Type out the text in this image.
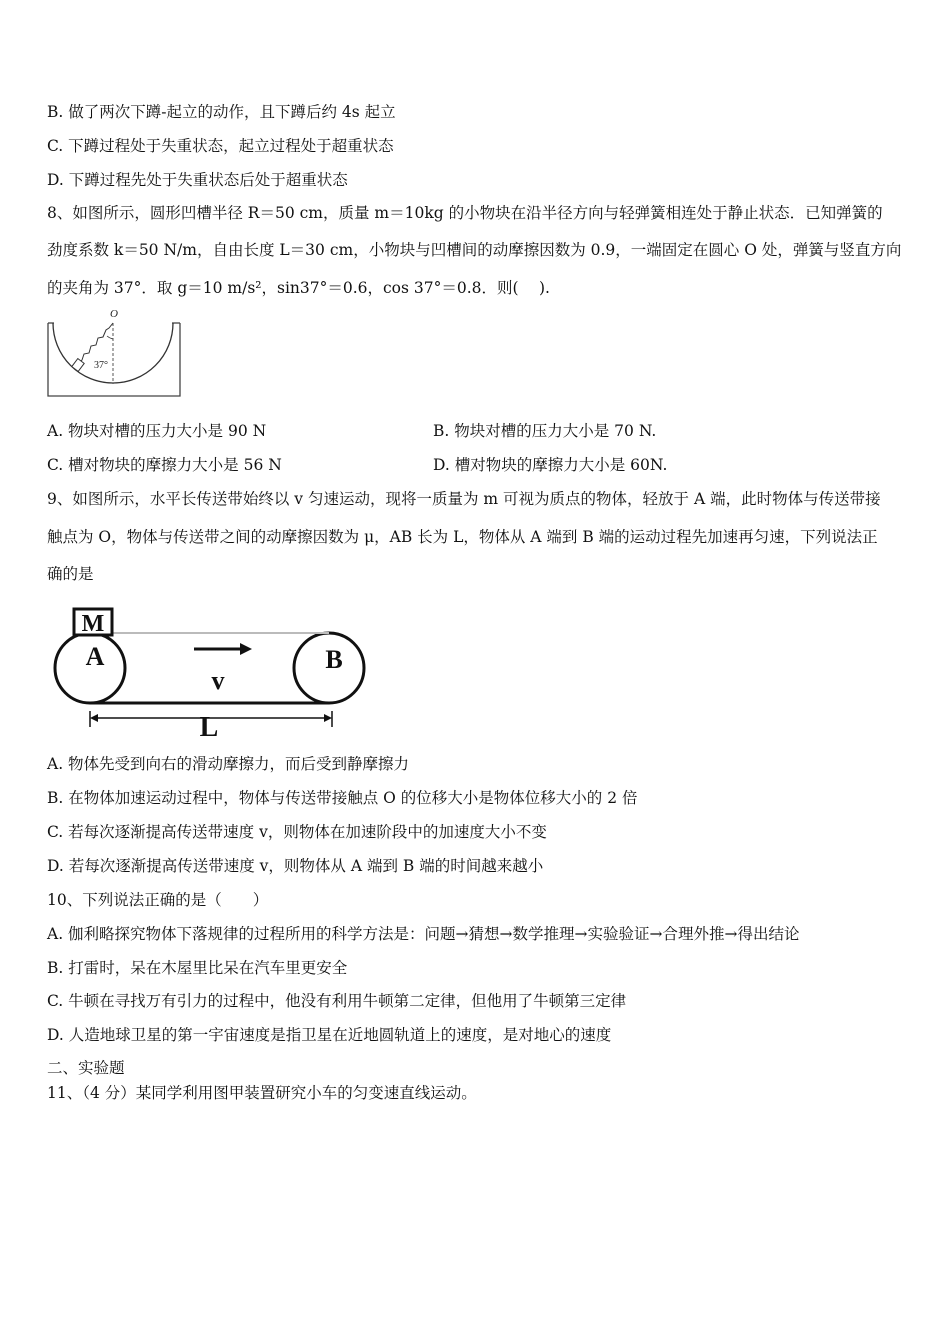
B. 做了两次下蹲-起立的动作，且下蹲后约 4s 起立
C. 下蹲过程处于失重状态，起立过程处于超重状态
D. 下蹲过程先处于失重状态后处于超重状态
8、如图所示，圆形凹槽半径 R＝50 cm，质量 m＝10kg 的小物块在沿半径方向与轻弹簧相连处于静止状态．已知弹簧的
劲度系数 k＝50 N/m，自由长度 L＝30 cm，小物块与凹槽间的动摩擦因数为 0.9，一端固定在圆心 O 处，弹簧与竖直方向
的夹角为 37°．取 g＝10 m/s²，sin37°＝0.6，cos 37°＝0.8．则(　 ).
O
37°
A. 物块对槽的压力大小是 90 N	B. 物块对槽的压力大小是 70 N.
C. 槽对物块的摩擦力大小是 56 N	D. 槽对物块的摩擦力大小是 60N.
9、如图所示，水平长传送带始终以 v 匀速运动，现将一质量为 m 可视为质点的物体，轻放于 A 端，此时物体与传送带接
触点为 O，物体与传送带之间的动摩擦因数为 μ，AB 长为 L，物体从 A 端到 B 端的运动过程先加速再匀速，下列说法正
确的是
M
A	B
v
L
A. 物体先受到向右的滑动摩擦力，而后受到静摩擦力
B. 在物体加速运动过程中，物体与传送带接触点 O 的位移大小是物体位移大小的 2 倍
C. 若每次逐渐提高传送带速度 v，则物体在加速阶段中的加速度大小不变
D. 若每次逐渐提高传送带速度 v，则物体从 A 端到 B 端的时间越来越小
10、下列说法正确的是（　　）
A. 伽利略探究物体下落规律的过程所用的科学方法是：问题→猜想→数学推理→实验验证→合理外推→得出结论
B. 打雷时，呆在木屋里比呆在汽车里更安全
C. 牛顿在寻找万有引力的过程中，他没有利用牛顿第二定律，但他用了牛顿第三定律
D. 人造地球卫星的第一宇宙速度是指卫星在近地圆轨道上的速度，是对地心的速度
二、实验题
11、（4 分）某同学利用图甲装置研究小车的匀变速直线运动。
